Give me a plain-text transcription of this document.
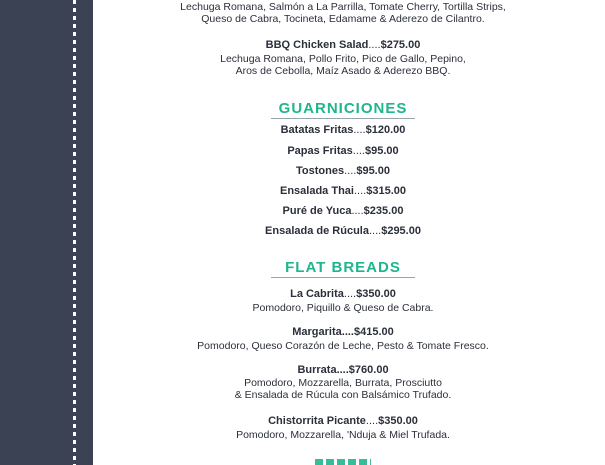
Lechuga Romana, Salmón a La Parrilla, Tomate Cherry, Tortilla Strips,
Queso de Cabra, Tocineta, Edamame & Aderezo de Cilantro.
BBQ Chicken Salad....$275.00
Lechuga Romana, Pollo Frito, Pico de Gallo, Pepino,
Aros de Cebolla, Maíz Asado & Aderezo BBQ.
GUARNICIONES
Batatas Fritas....$120.00
Papas Fritas....$95.00
Tostones....$95.00
Ensalada Thai....$315.00
Puré de Yuca....$235.00
Ensalada de Rúcula....$295.00
FLAT BREADS
La Cabrita....$350.00
Pomodoro, Piquillo & Queso de Cabra.
Margarita....$415.00
Pomodoro, Queso Corazón de Leche, Pesto & Tomate Fresco.
Burrata....$760.00
Pomodoro, Mozzarella, Burrata, Prosciutto
& Ensalada de Rúcula con Balsámico Trufado.
Chistorrita Picante....$350.00
Pomodoro, Mozzarella, 'Nduja & Miel Trufada.
